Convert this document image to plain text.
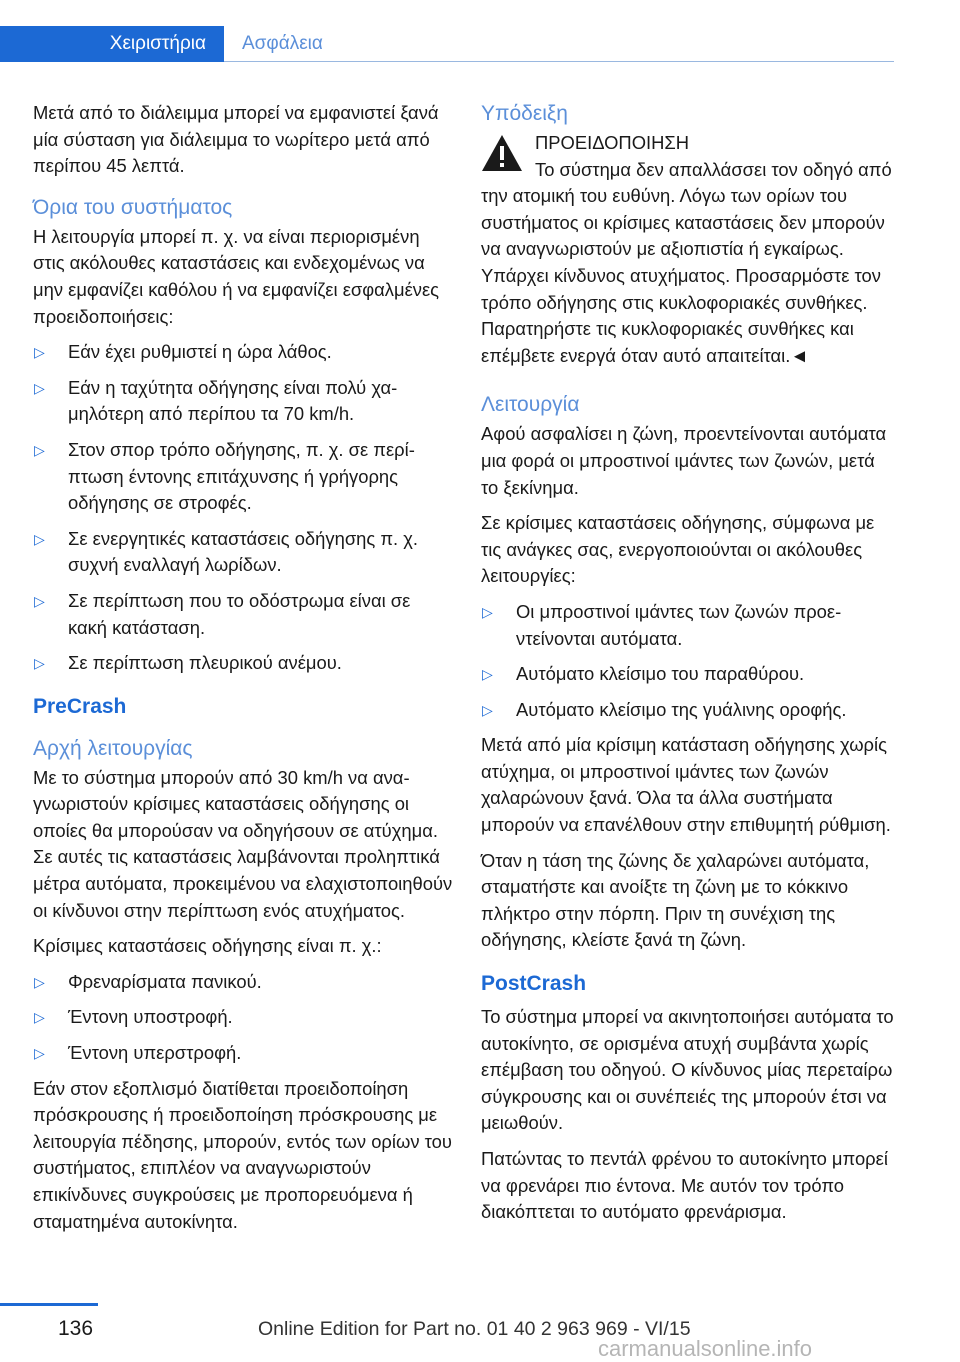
Χειριστήρια Ασφάλεια

Μετά από το διάλειμμα μπορεί να εμφανιστεί ξανά μία σύσταση για διάλειμμα το νωρίτερο μετά από περίπου 45 λεπτά.

Όρια του συστήματος

Η λειτουργία μπορεί π. χ. να είναι περιορισμένη στις ακόλουθες καταστάσεις και ενδεχομένως να μην εμφανίζει καθόλου ή να εμφανίζει εσφαλμένες προειδοποιήσεις:

▷ Εάν έχει ρυθμιστεί η ώρα λάθος.
▷ Εάν η ταχύτητα οδήγησης είναι πολύ χαμηλότερη από περίπου τα 70 km/h.
▷ Στον σπορ τρόπο οδήγησης, π. χ. σε περίπτωση έντονης επιτάχυνσης ή γρήγορης οδήγησης σε στροφές.
▷ Σε ενεργητικές καταστάσεις οδήγησης π. χ. συχνή εναλλαγή λωρίδων.
▷ Σε περίπτωση που το οδόστρωμα είναι σε κακή κατάσταση.
▷ Σε περίπτωση πλευρικού ανέμου.
PreCrash
Αρχή λειτουργίας

Με το σύστημα μπορούν από 30 km/h να αναγνωριστούν κρίσιμες καταστάσεις οδήγησης οι οποίες θα μπορούσαν να οδηγήσουν σε ατύχημα. Σε αυτές τις καταστάσεις λαμβάνονται προληπτικά μέτρα αυτόματα, προκειμένου να ελαχιστοποιηθούν οι κίνδυνοι στην περίπτωση ενός ατυχήματος.

Κρίσιμες καταστάσεις οδήγησης είναι π. χ.:

▷ Φρεναρίσματα πανικού.
▷ Έντονη υποστροφή.
▷ Έντονη υπερστροφή.

Εάν στον εξοπλισμό διατίθεται προειδοποίηση πρόσκρουσης ή προειδοποίηση πρόσκρουσης με λειτουργία πέδησης, μπορούν, εντός των ορίων του συστήματος, επιπλέον να αναγνωριστούν επικίνδυνες συγκρούσεις με προπορευόμενα ή σταματημένα αυτοκίνητα.

Υπόδειξη
ΠΡΟΕΙΔΟΠΟΙΗΣΗ
Το σύστημα δεν απαλλάσσει τον οδηγό από την ατομική του ευθύνη. Λόγω των ορίων του συστήματος οι κρίσιμες καταστάσεις δεν μπορούν να αναγνωριστούν με αξιοπιστία ή εγκαίρως. Υπάρχει κίνδυνος ατυχήματος. Προσαρμόστε τον τρόπο οδήγησης στις κυκλοφοριακές συνθήκες. Παρατηρήστε τις κυκλοφοριακές συνθήκες και επέμβετε ενεργά όταν αυτό απαιτείται.◄
Λειτουργία

Αφού ασφαλίσει η ζώνη, προεντείνονται αυτόματα μια φορά οι μπροστινοί ιμάντες των ζωνών, μετά το ξεκίνημα.

Σε κρίσιμες καταστάσεις οδήγησης, σύμφωνα με τις ανάγκες σας, ενεργοποιούνται οι ακόλουθες λειτουργίες:

▷ Οι μπροστινοί ιμάντες των ζωνών προεντείνονται αυτόματα.
▷ Αυτόματο κλείσιμο του παραθύρου.
▷ Αυτόματο κλείσιμο της γυάλινης οροφής.

Μετά από μία κρίσιμη κατάσταση οδήγησης χωρίς ατύχημα, οι μπροστινοί ιμάντες των ζωνών χαλαρώνουν ξανά. Όλα τα άλλα συστήματα μπορούν να επανέλθουν στην επιθυμητή ρύθμιση.

Όταν η τάση της ζώνης δε χαλαρώνει αυτόματα, σταματήστε και ανοίξτε τη ζώνη με το κόκκινο πλήκτρο στην πόρπη. Πριν τη συνέχιση της οδήγησης, κλείστε ξανά τη ζώνη.

PostCrash

Το σύστημα μπορεί να ακινητοποιήσει αυτόματα το αυτοκίνητο, σε ορισμένα ατυχή συμβάντα χωρίς επέμβαση του οδηγού. Ο κίνδυνος μίας περεταίρω σύγκρουσης και οι συνέπειές της μπορούν έτσι να μειωθούν.

Πατώντας το πεντάλ φρένου το αυτοκίνητο μπορεί να φρενάρει πιο έντονα. Με αυτόν τον τρόπο διακόπτεται το αυτόματο φρενάρισμα.

136	Online Edition for Part no. 01 40 2 963 969 - VI/15
carmanualsonline.info
